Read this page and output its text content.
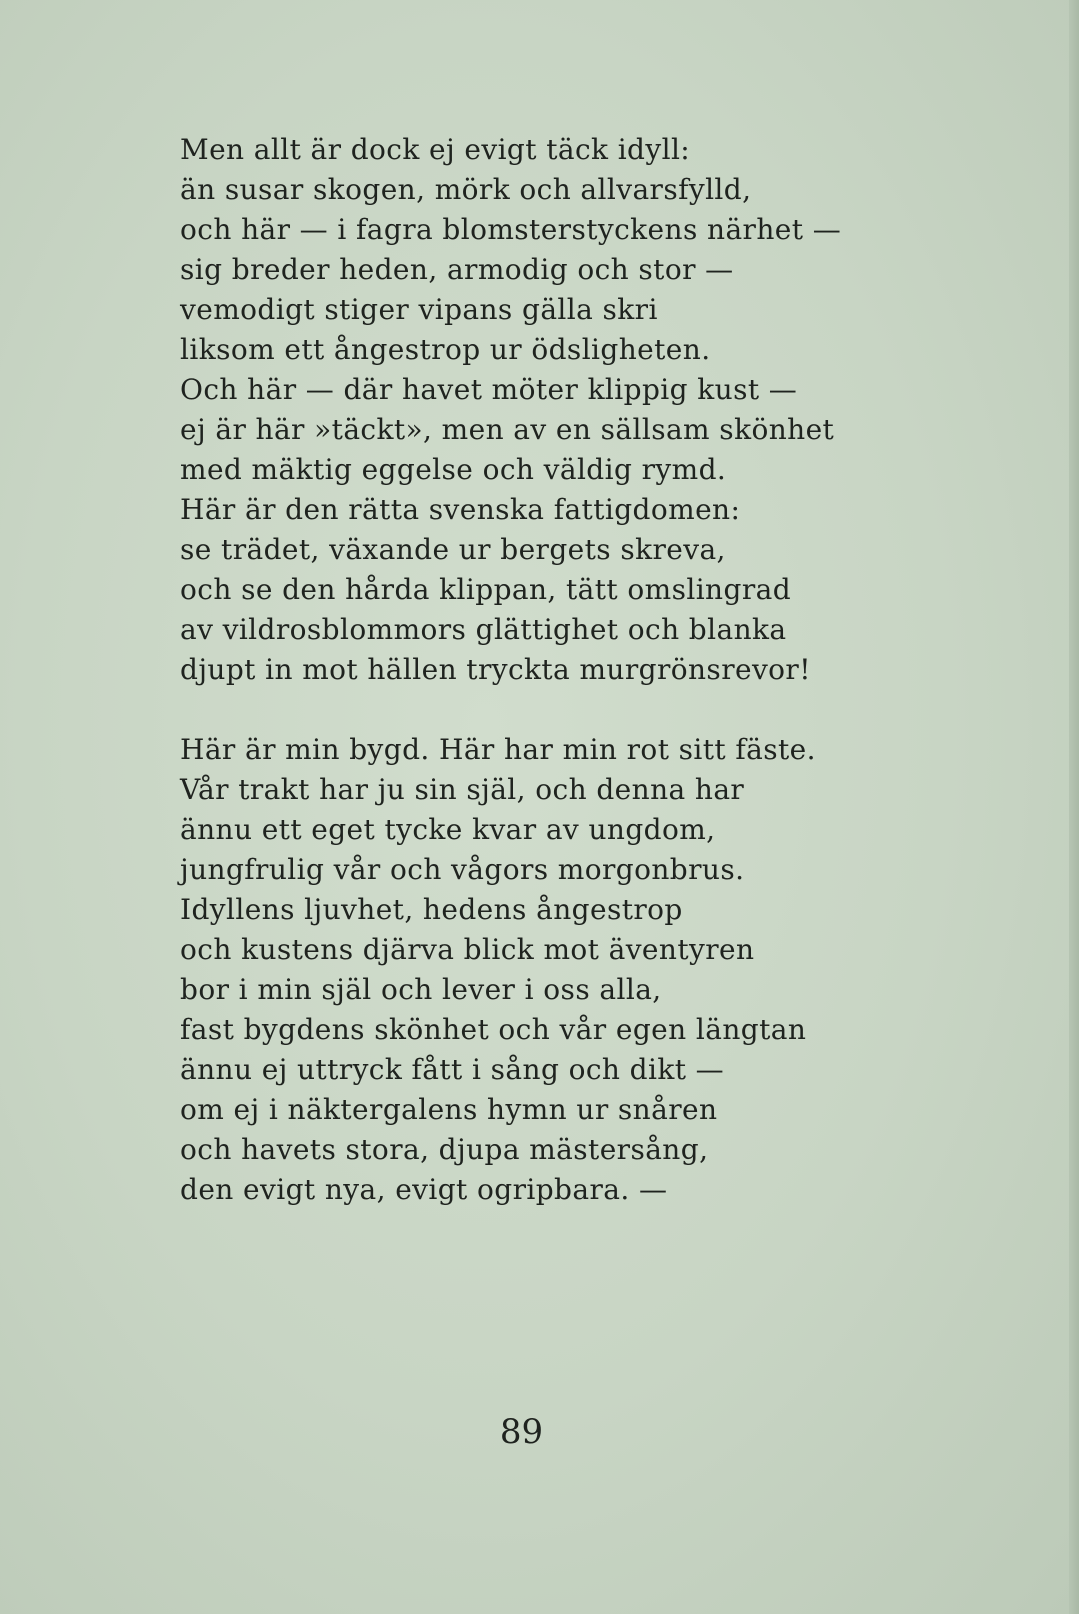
Men allt är dock ej evigt täck idyll:
än susar skogen, mörk och allvarsfylld,
och här — i fagra blomsterstyckens närhet —
sig breder heden, armodig och stor —
vemodigt stiger vipans gälla skri
liksom ett ångestrop ur ödsligheten.
Och här — där havet möter klippig kust —
ej är här »täckt», men av en sällsam skönhet
med mäktig eggelse och väldig rymd.
Här är den rätta svenska fattigdomen:
se trädet, växande ur bergets skreva,
och se den hårda klippan, tätt omslingrad
av vildrosblommors glättighet och blanka
djupt in mot hällen tryckta murgrönsrevor!
Här är min bygd. Här har min rot sitt fäste.
Vår trakt har ju sin själ, och denna har
ännu ett eget tycke kvar av ungdom,
jungfrulig vår och vågors morgonbrus.
Idyllens ljuvhet, hedens ångestrop
och kustens djärva blick mot äventyren
bor i min själ och lever i oss alla,
fast bygdens skönhet och vår egen längtan
ännu ej uttryck fått i sång och dikt —
om ej i näktergalens hymn ur snåren
och havets stora, djupa mästersång,
den evigt nya, evigt ogripbara. —
89
